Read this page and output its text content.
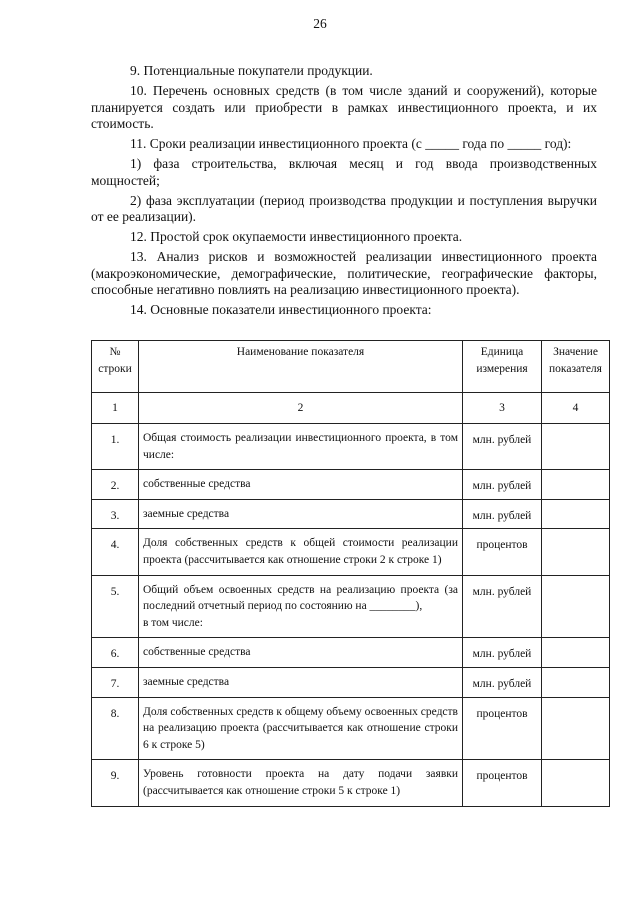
26

9. Потенциальные покупатели продукции.

10. Перечень основных средств (в том числе зданий и сооружений), которые планируется создать или приобрести в рамках инвестиционного проекта, и их стоимость.

11. Сроки реализации инвестиционного проекта (с _____ года по _____ год):

1) фаза строительства, включая месяц и год ввода производственных мощностей;

2) фаза эксплуатации (период производства продукции и поступления выручки от ее реализации).

12. Простой срок окупаемости инвестиционного проекта.

13. Анализ рисков и возможностей реализации инвестиционного проекта (макроэкономические, демографические, политические, географические факторы, способные негативно повлиять на реализацию инвестиционного проекта).

14. Основные показатели инвестиционного проекта:

№ строки	Наименование показателя	Единица измерения	Значение показателя
1	2	3	4
1.	Общая стоимость реализации инвестиционного проекта, в том числе:	млн. рублей	
2.	собственные средства	млн. рублей	
3.	заемные средства	млн. рублей	
4.	Доля собственных средств к общей стоимости реализации проекта (рассчитывается как отношение строки 2 к строке 1)	процентов	
5.	Общий объем освоенных средств на реализацию проекта (за последний отчетный период по состоянию на ________),
в том числе:	млн. рублей	
6.	собственные средства	млн. рублей	
7.	заемные средства	млн. рублей	
8.	Доля собственных средств к общему объему освоенных средств на реализацию проекта (рассчитывается как отношение строки 6 к строке 5)	процентов	
9.	Уровень готовности проекта на дату подачи заявки (рассчитывается как отношение строки 5 к строке 1)	процентов	
